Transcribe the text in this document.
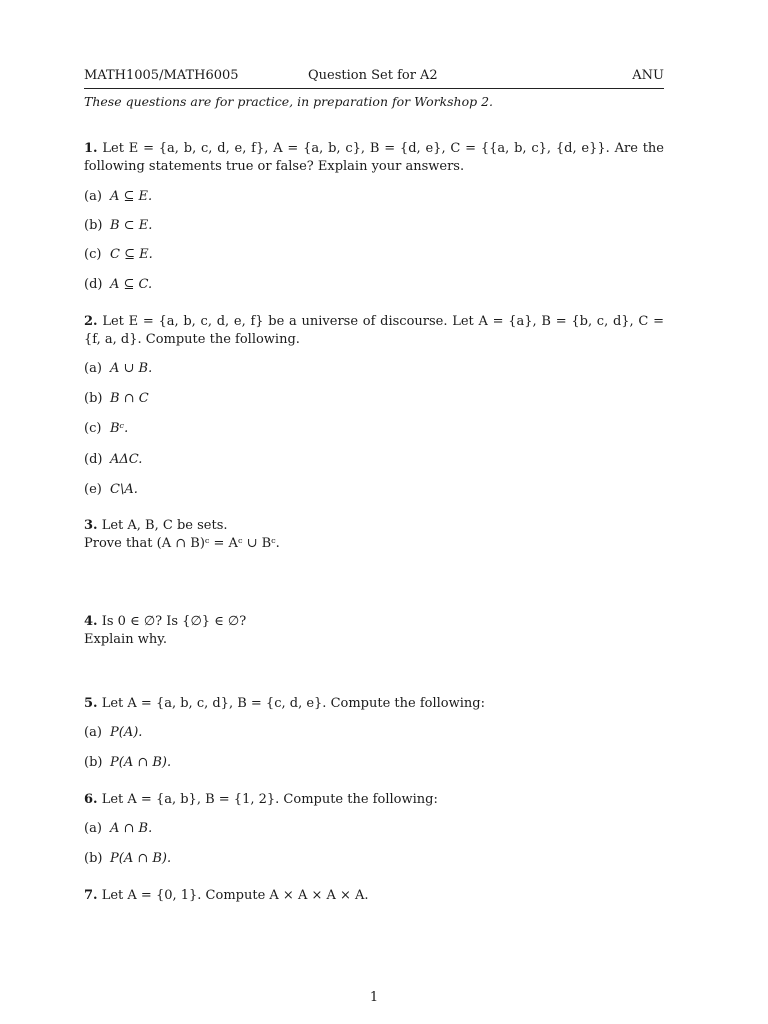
MATH1005/MATH6005	Question Set for A2	ANU
These questions are for practice, in preparation for Workshop 2.
1. Let E = {a, b, c, d, e, f}, A = {a, b, c}, B = {d, e}, C = {{a, b, c}, {d, e}}. Are the following statements true or false? Explain your answers.
(a) A ⊆ E.
(b) B ⊂ E.
(c) C ⊆ E.
(d) A ⊆ C.
2. Let E = {a, b, c, d, e, f} be a universe of discourse. Let A = {a}, B = {b, c, d}, C = {f, a, d}. Compute the following.
(a) A ∪ B.
(b) B ∩ C
(c) Bᶜ.
(d) AΔC.
(e) C\A.
3. Let A, B, C be sets.
Prove that (A ∩ B)ᶜ = Aᶜ ∪ Bᶜ.
4. Is 0 ∈ ∅? Is {∅} ∈ ∅?
Explain why.
5. Let A = {a, b, c, d}, B = {c, d, e}. Compute the following:
(a) P(A).
(b) P(A ∩ B).
6. Let A = {a, b}, B = {1, 2}. Compute the following:
(a) A ∩ B.
(b) P(A ∩ B).
7. Let A = {0, 1}. Compute A × A × A × A.
1
